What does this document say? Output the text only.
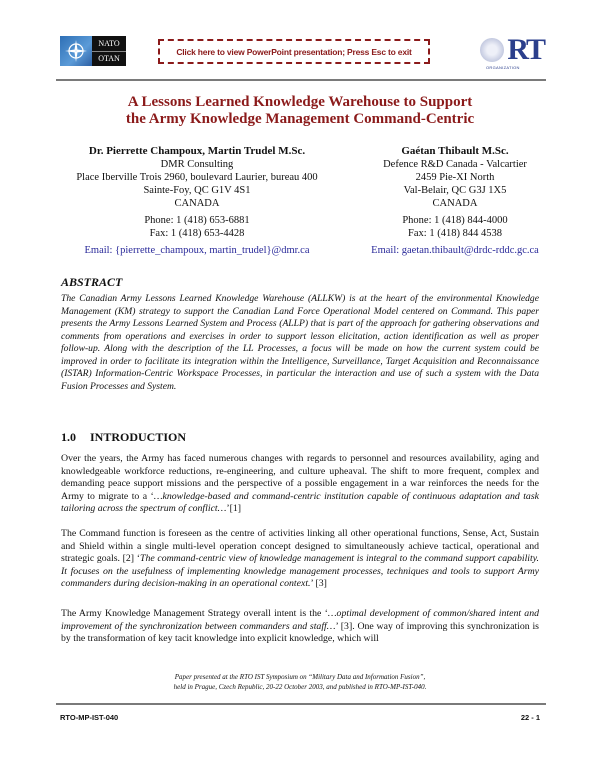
NATO
OTAN
Click here to view PowerPoint presentation; Press Esc to exit	RT
ORGANIZATION
A Lessons Learned Knowledge Warehouse to Support
the Army Knowledge Management Command-Centric
Dr. Pierrette Champoux, Martin Trudel M.Sc.
DMR Consulting
Place Iberville Trois 2960, boulevard Laurier, bureau 400
Sainte-Foy, QC G1V 4S1
CANADA
Phone: 1 (418) 653-6881
Fax: 1 (418) 653-4428
Email: {pierrette_champoux, martin_trudel}@dmr.ca
Gaétan Thibault M.Sc.
Defence R&D Canada - Valcartier
2459 Pie-XI North
Val-Belair, QC G3J 1X5
CANADA
Phone: 1 (418) 844-4000
Fax: 1 (418) 844 4538
Email: gaetan.thibault@drdc-rddc.gc.ca
ABSTRACT
The Canadian Army Lessons Learned Knowledge Warehouse (ALLKW) is at the heart of the environmental Knowledge Management (KM) strategy to support the Canadian Land Force Operational Model centered on Command. This paper presents the Army Lessons Learned System and Process (ALLP) that is part of the approach for gathering observations and comments from operations and exercises in order to support lesson elicitation, action identification as well as proper follow-up. Along with the description of the LL Processes, a focus will be made on how the current system could be improved in order to facilitate its integration within the Intelligence, Surveillance, Target Acquisition and Reconnaissance (ISTAR) Information-Centric Workspace Processes, in particular the interaction and use of such a system with the Data Fusion Processes and System.
1.0 INTRODUCTION
Over the years, the Army has faced numerous changes with regards to personnel and resources availability, aging and knowledgeable workforce reductions, re-engineering, and culture upheaval. The shift to more frequent, complex and demanding peace support missions and the perspective of a possible engagement in a war reinforces the needs for the Army to migrate to a ‘…knowledge-based and command-centric institution capable of continuous adaptation and task tailoring across the spectrum of conflict…’[1]
The Command function is foreseen as the centre of activities linking all other operational functions, Sense, Act, Sustain and Shield within a single multi-level operation concept designed to simultaneously achieve tactical, operational and strategic goals. [2] ‘The command-centric view of knowledge management is integral to the command support capability. It focuses on the usefulness of implementing knowledge management processes, techniques and tools to support Army commanders during decision-making in an operational context.’ [3]
The Army Knowledge Management Strategy overall intent is the ‘…optimal development of common/shared intent and improvement of the synchronization between commanders and staff…’ [3]. One way of improving this synchronization is by the transformation of key tacit knowledge into explicit knowledge, which will
Paper presented at the RTO IST Symposium on “Military Data and Information Fusion”,
held in Prague, Czech Republic, 20-22 October 2003, and published in RTO-MP-IST-040.
RTO-MP-IST-040	22 - 1
